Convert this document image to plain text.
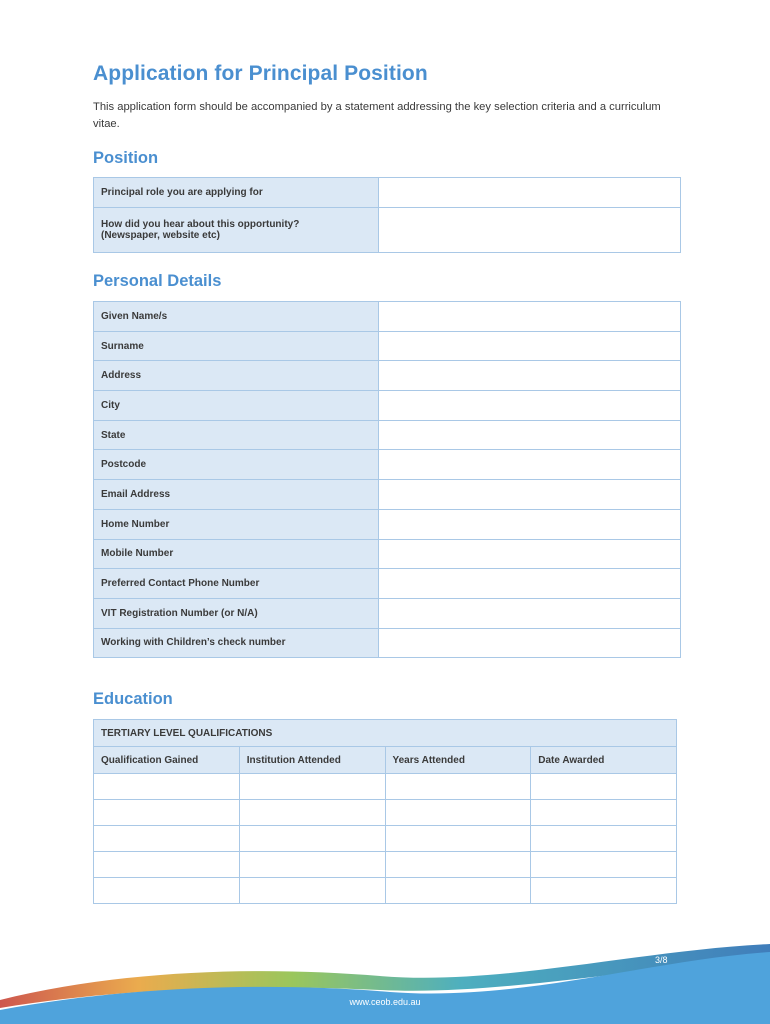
Application for Principal Position

This application form should be accompanied by a statement addressing the key selection criteria and a curriculum vitae.

Position
Principal role you are applying for	

How did you hear about this opportunity?
(Newspaper, website etc)	

Personal Details
Given Name/s	
Surname	
Address	
City	
State	
Postcode	
Email Address	
Home Number	
Mobile Number	
Preferred Contact Phone Number	
VIT Registration Number (or N/A)	
Working with Children’s check number	
Education
TERTIARY LEVEL QUALIFICATIONS			
Qualification Gained	Institution Attended	Years Attended	Date Awarded

3/8
www.ceob.edu.au
